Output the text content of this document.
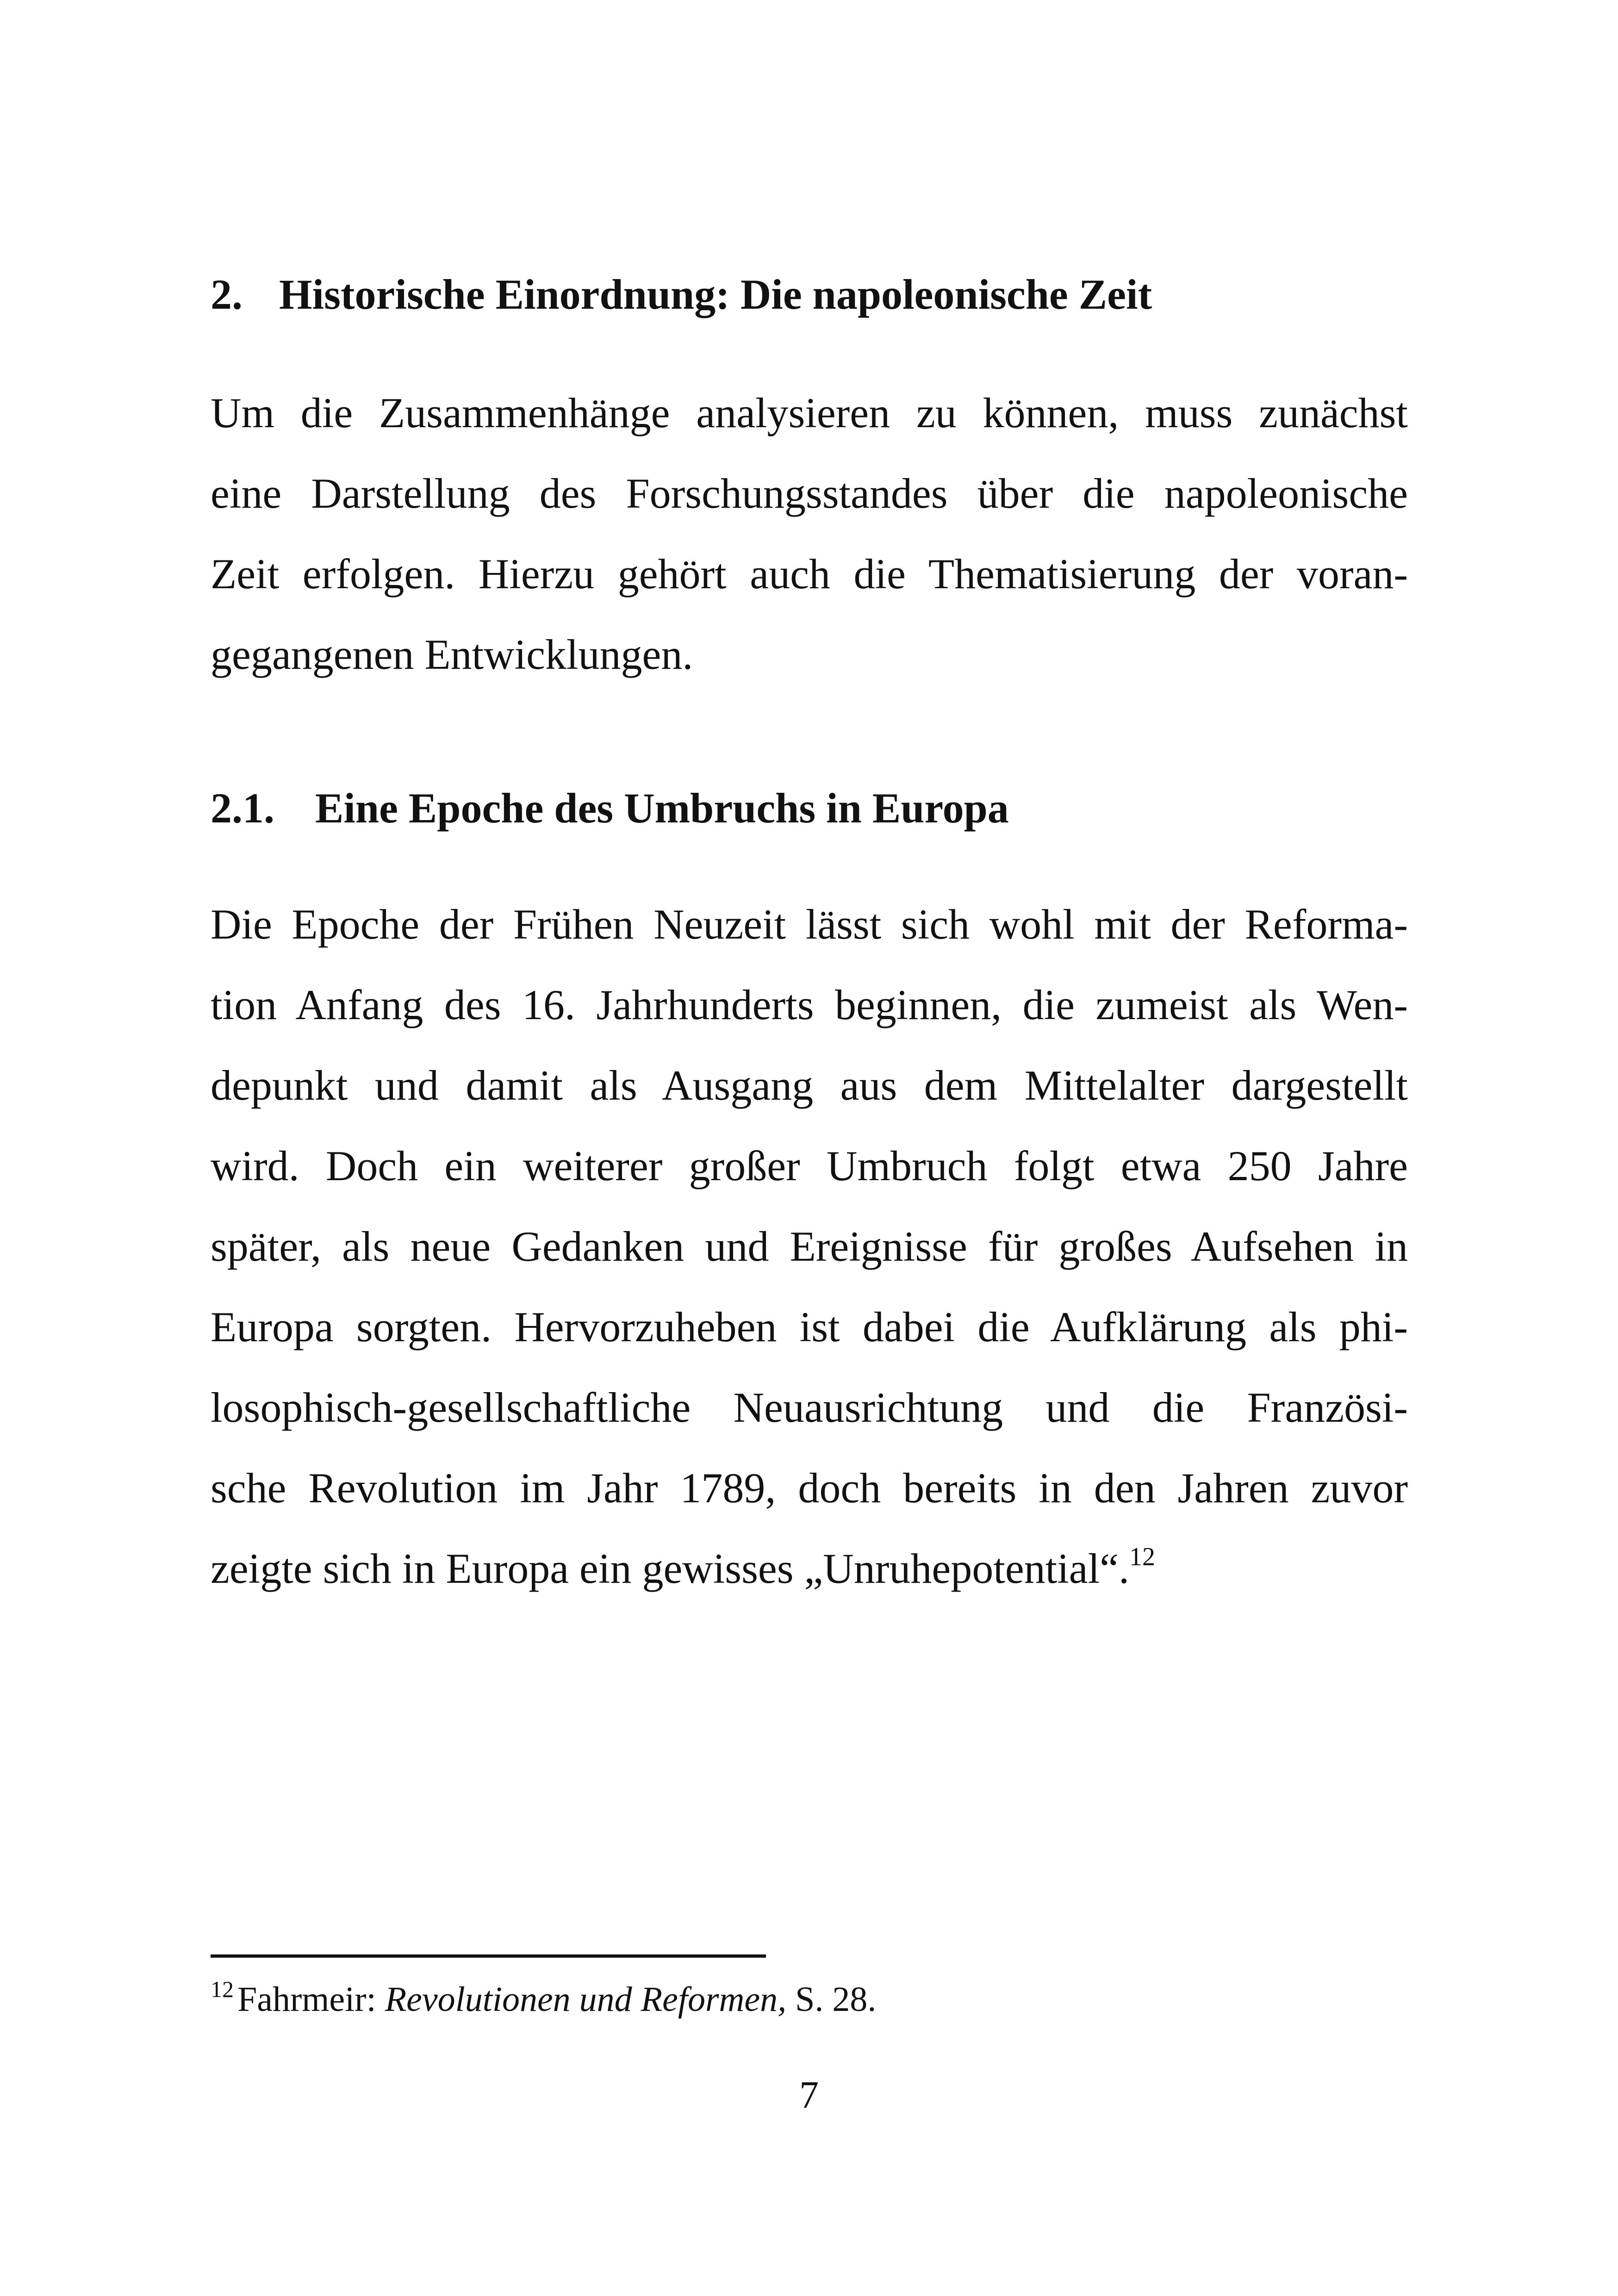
2. Historische Einordnung: Die napoleonische Zeit

Um die Zusammenhänge analysieren zu können, muss zunächst
eine Darstellung des Forschungsstandes über die napoleonische
Zeit erfolgen. Hierzu gehört auch die Thematisierung der voran-
gegangenen Entwicklungen.

2.1. Eine Epoche des Umbruchs in Europa

Die Epoche der Frühen Neuzeit lässt sich wohl mit der Reforma-
tion Anfang des 16. Jahrhunderts beginnen, die zumeist als Wen-
depunkt und damit als Ausgang aus dem Mittelalter dargestellt
wird. Doch ein weiterer großer Umbruch folgt etwa 250 Jahre
später, als neue Gedanken und Ereignisse für großes Aufsehen in
Europa sorgten. Hervorzuheben ist dabei die Aufklärung als phi-
losophisch-gesellschaftliche Neuausrichtung und die Französi-
sche Revolution im Jahr 1789, doch bereits in den Jahren zuvor
zeigte sich in Europa ein gewisses „Unruhepotential“.$^{12}$

$^{12}$ Fahrmeir: Revolutionen und Reformen, S. 28.
7
